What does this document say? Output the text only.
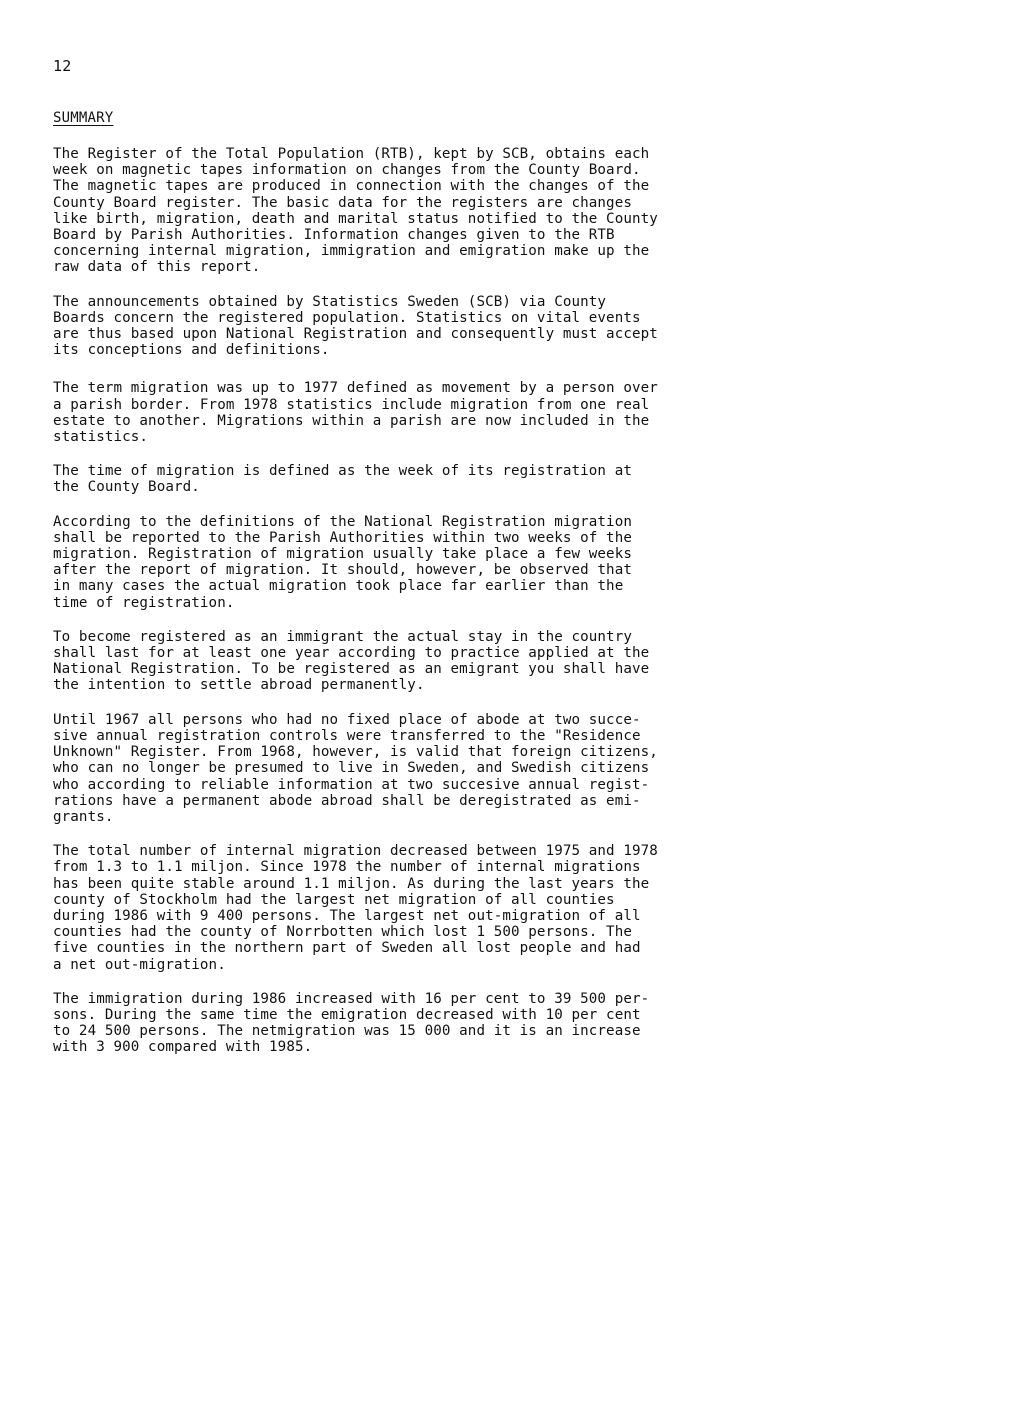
12
SUMMARY

The Register of the Total Population (RTB), kept by SCB, obtains each
week on magnetic tapes information on changes from the County Board.
The magnetic tapes are produced in connection with the changes of the
County Board register. The basic data for the registers are changes
like birth, migration, death and marital status notified to the County
Board by Parish Authorities. Information changes given to the RTB
concerning internal migration, immigration and emigration make up the
raw data of this report.

The announcements obtained by Statistics Sweden (SCB) via County
Boards concern the registered population. Statistics on vital events
are thus based upon National Registration and consequently must accept
its conceptions and definitions.

The term migration was up to 1977 defined as movement by a person over
a parish border. From 1978 statistics include migration from one real
estate to another. Migrations within a parish are now included in the
statistics.

The time of migration is defined as the week of its registration at
the County Board.

According to the definitions of the National Registration migration
shall be reported to the Parish Authorities within two weeks of the
migration. Registration of migration usually take place a few weeks
after the report of migration. It should, however, be observed that
in many cases the actual migration took place far earlier than the
time of registration.

To become registered as an immigrant the actual stay in the country
shall last for at least one year according to practice applied at the
National Registration. To be registered as an emigrant you shall have
the intention to settle abroad permanently.

Until 1967 all persons who had no fixed place of abode at two succe-
sive annual registration controls were transferred to the "Residence
Unknown" Register. From 1968, however, is valid that foreign citizens,
who can no longer be presumed to live in Sweden, and Swedish citizens
who according to reliable information at two succesive annual regist-
rations have a permanent abode abroad shall be deregistrated as emi-
grants.

The total number of internal migration decreased between 1975 and 1978
from 1.3 to 1.1 miljon. Since 1978 the number of internal migrations
has been quite stable around 1.1 miljon. As during the last years the
county of Stockholm had the largest net migration of all counties
during 1986 with 9 400 persons. The largest net out-migration of all
counties had the county of Norrbotten which lost 1 500 persons. The
five counties in the northern part of Sweden all lost people and had
a net out-migration.

The immigration during 1986 increased with 16 per cent to 39 500 per-
sons. During the same time the emigration decreased with 10 per cent
to 24 500 persons. The netmigration was 15 000 and it is an increase
with 3 900 compared with 1985.
